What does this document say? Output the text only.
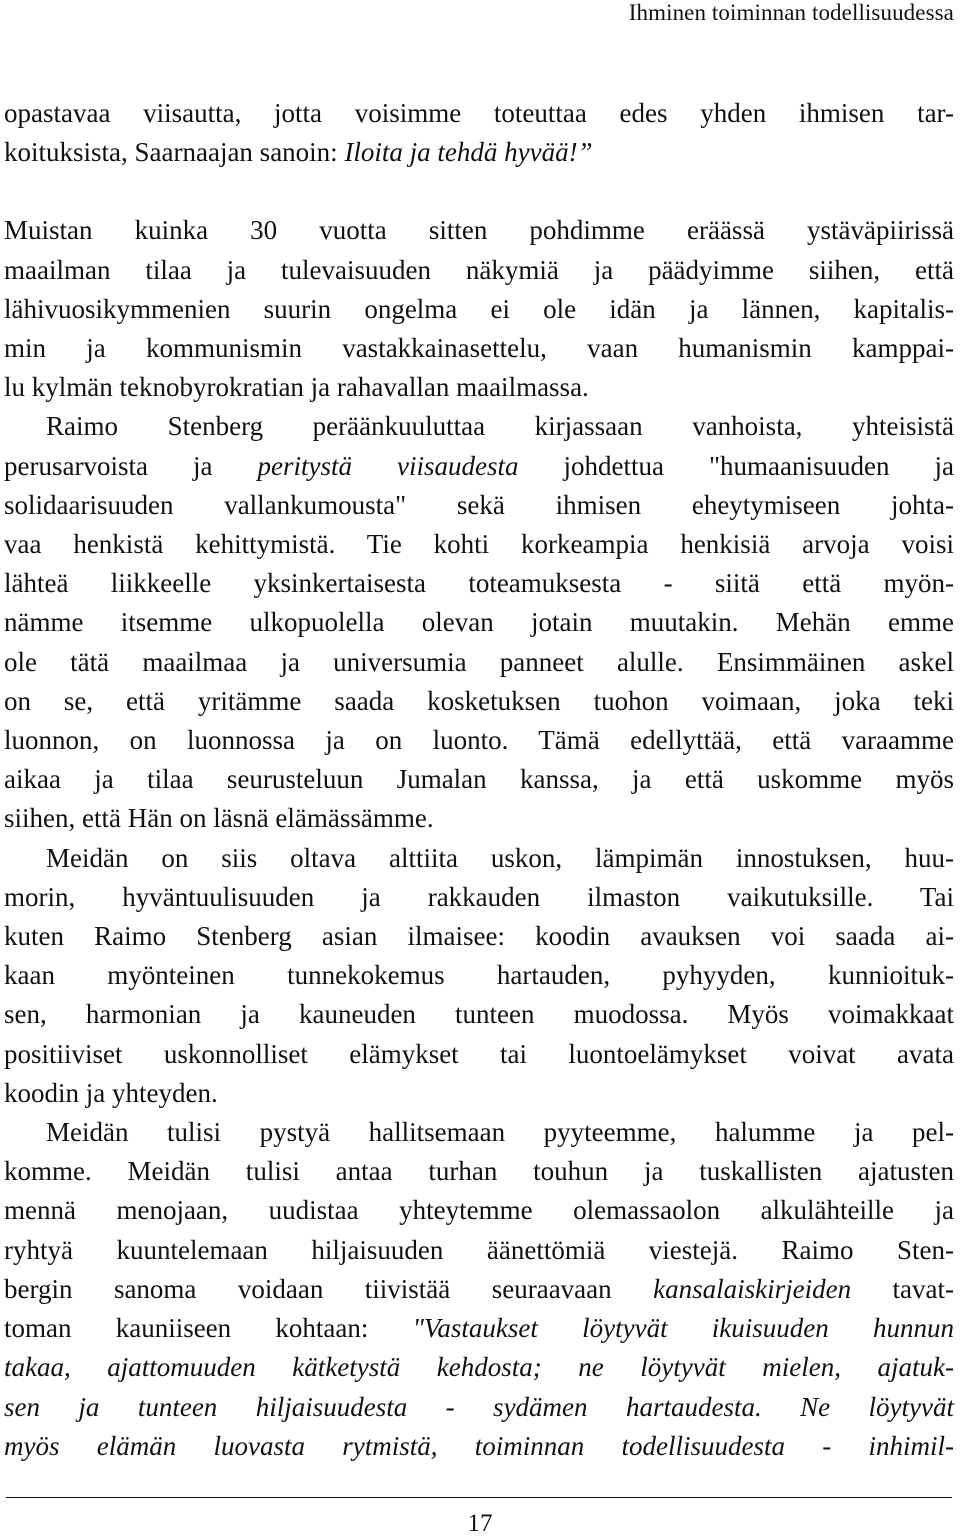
Ihminen toiminnan todellisuudessa

opastavaa viisautta, jotta voisimme toteuttaa edes yhden ihmisen tar-
koituksista, Saarnaajan sanoin: Iloita ja tehdä hyvää!”

Muistan kuinka 30 vuotta sitten pohdimme eräässä ystäväpiirissä
maailman tilaa ja tulevaisuuden näkymiä ja päädyimme siihen, että
lähivuosikymmenien suurin ongelma ei ole idän ja lännen, kapitalis-
min ja kommunismin vastakkainasettelu, vaan humanismin kamppai-
lu kylmän teknobyrokratian ja rahavallan maailmassa.

Raimo Stenberg peräänkuuluttaa kirjassaan vanhoista, yhteisistä
perusarvoista ja peritystä viisaudesta johdettua "humaanisuuden ja
solidaarisuuden vallankumousta" sekä ihmisen eheytymiseen johta-
vaa henkistä kehittymistä. Tie kohti korkeampia henkisiä arvoja voisi
lähteä liikkeelle yksinkertaisesta toteamuksesta - siitä että myön-
nämme itsemme ulkopuolella olevan jotain muutakin. Mehän emme
ole tätä maailmaa ja universumia panneet alulle. Ensimmäinen askel
on se, että yritämme saada kosketuksen tuohon voimaan, joka teki
luonnon, on luonnossa ja on luonto. Tämä edellyttää, että varaamme
aikaa ja tilaa seurusteluun Jumalan kanssa, ja että uskomme myös
siihen, että Hän on läsnä elämässämme.

Meidän on siis oltava alttiita uskon, lämpimän innostuksen, huu-
morin, hyväntuulisuuden ja rakkauden ilmaston vaikutuksille. Tai
kuten Raimo Stenberg asian ilmaisee: koodin avauksen voi saada ai-
kaan myönteinen tunnekokemus hartauden, pyhyyden, kunnioituk-
sen, harmonian ja kauneuden tunteen muodossa. Myös voimakkaat
positiiviset uskonnolliset elämykset tai luontoelämykset voivat avata
koodin ja yhteyden.

Meidän tulisi pystyä hallitsemaan pyyteemme, halumme ja pel-
komme. Meidän tulisi antaa turhan touhun ja tuskallisten ajatusten
mennä menojaan, uudistaa yhteytemme olemassaolon alkulähteille ja
ryhtyä kuuntelemaan hiljaisuuden äänettömiä viestejä. Raimo Sten-
bergin sanoma voidaan tiivistää seuraavaan kansalaiskirjeiden tavat-
toman kauniiseen kohtaan: "Vastaukset löytyvät ikuisuuden hunnun
takaa, ajattomuuden kätketystä kehdosta; ne löytyvät mielen, ajatuk-
sen ja tunteen hiljaisuudesta - sydämen hartaudesta. Ne löytyvät
myös elämän luovasta rytmistä, toiminnan todellisuudesta - inhimil-

17
